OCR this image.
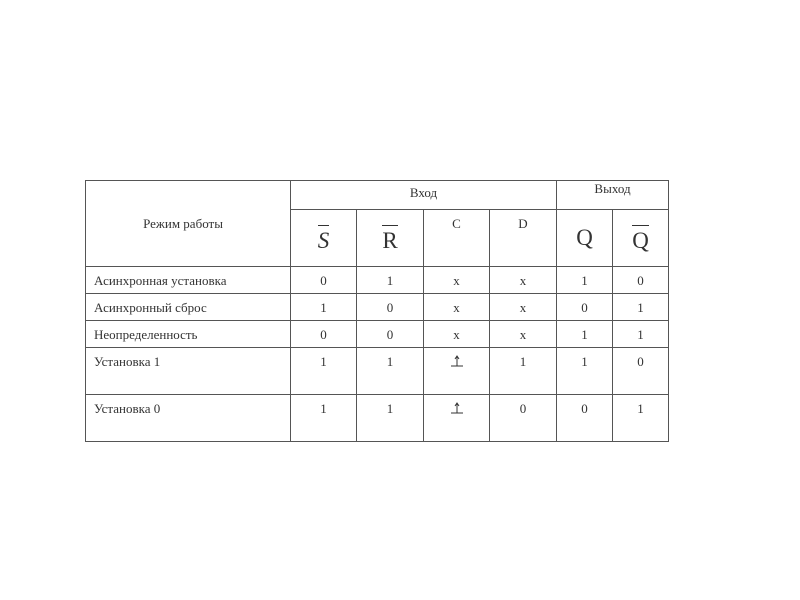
Режим работы	Вход				Выход	
	S	R	C	D	Q	Q
Асинхронная установка	0	1	x	x	1	0
Асинхронный сброс	1	0	x	x	0	1
Неопределенность	0	0	x	x	1	1
Установка 1	1	1		1	1	0
Установка 0	1	1		0	0	1
